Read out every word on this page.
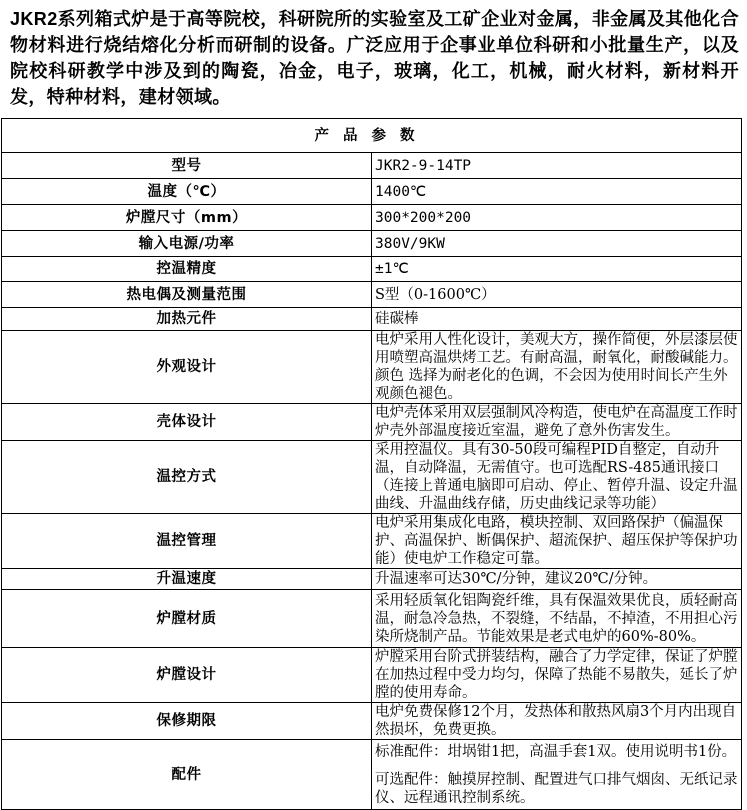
JKR2系列箱式炉是于高等院校，科研院所的实验室及工矿企业对金属，非金属及其他化合物材料进行烧结熔化分析而研制的设备。广泛应用于企事业单位科研和小批量生产，以及院校科研教学中涉及到的陶瓷，冶金，电子，玻璃，化工，机械，耐火材料，新材料开发，特种材料，建材领域。
产品参数	
型号	JKR2-9-14TP
温度（℃）	1400℃
炉膛尺寸（mm）	300*200*200
输入电源/功率	380V/9KW
控温精度	±1℃
热电偶及测量范围	S型（0-1600℃）
加热元件	硅碳棒
外观设计	电炉采用人性化设计，美观大方，操作简便，外层漆层使用喷塑高温烘烤工艺。有耐高温，耐氧化，耐酸碱能力。颜色 选择为耐老化的色调，不会因为使用时间长产生外观颜色褪色。
壳体设计	电炉壳体采用双层强制风冷构造，使电炉在高温度工作时炉壳外部温度接近室温，避免了意外伤害发生。
温控方式	采用控温仪。具有30-50段可编程PID自整定，自动升温，自动降温，无需值守。也可选配RS-485通讯接口（连接上普通电脑即可启动、停止、暂停升温、设定升温曲线、升温曲线存储，历史曲线记录等功能）
温控管理	电炉采用集成化电路，模块控制、双回路保护（偏温保护、高温保护、断偶保护、超流保护、超压保护等保护功能）使电炉工作稳定可靠。
升温速度	升温速率可达30℃/分钟，建议20℃/分钟。
炉膛材质	采用轻质氧化铝陶瓷纤维，具有保温效果优良，质轻耐高温，耐急冷急热，不裂缝，不结晶，不掉渣，不用担心污染所烧制产品。节能效果是老式电炉的60%-80%。
炉膛设计	炉膛采用台阶式拼装结构，融合了力学定律，保证了炉膛在加热过程中受力均匀，保障了热能不易散失，延长了炉膛的使用寿命。
保修期限	电炉免费保修12个月，发热体和散热风扇3个月内出现自然损坏，免费更换。
配件	标准配件：坩埚钳1把，高温手套1双。使用说明书1份。
可选配件：触摸屏控制、配置进气口排气烟囱、无纸记录仪、远程通讯控制系统。
